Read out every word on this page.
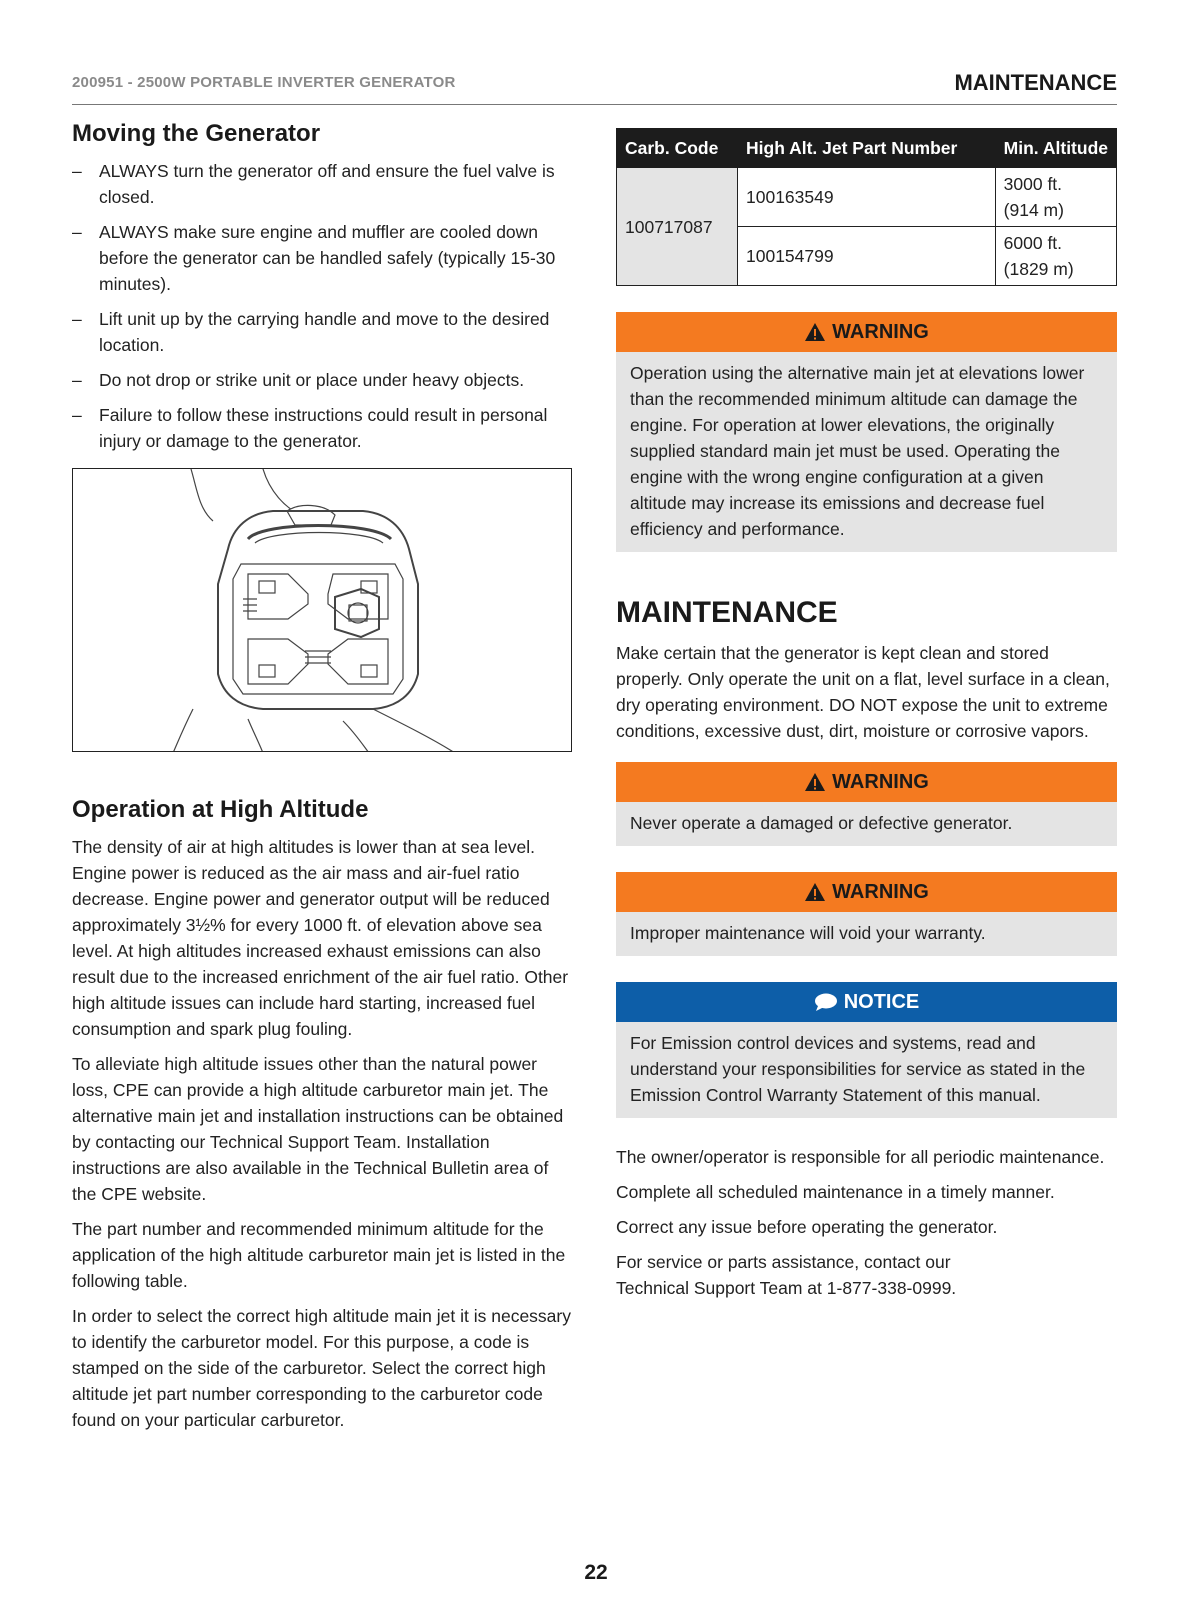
200951 - 2500W PORTABLE INVERTER GENERATOR	MAINTENANCE
Moving the Generator
– ALWAYS turn the generator off and ensure the fuel valve is closed.
– ALWAYS make sure engine and muffler are cooled down before the generator can be handled safely (typically 15-30 minutes).
– Lift unit up by the carrying handle and move to the desired location.
– Do not drop or strike unit or place under heavy objects.
– Failure to follow these instructions could result in personal injury or damage to the generator.
Operation at High Altitude

The density of air at high altitudes is lower than at sea level. Engine power is reduced as the air mass and air-fuel ratio decrease. Engine power and generator output will be reduced approximately 3½% for every 1000 ft. of elevation above sea level. At high altitudes increased exhaust emissions can also result due to the increased enrichment of the air fuel ratio. Other high altitude issues can include hard starting, increased fuel consumption and spark plug fouling.

To alleviate high altitude issues other than the natural power loss, CPE can provide a high altitude carburetor main jet. The alternative main jet and installation instructions can be obtained by contacting our Technical Support Team. Installation instructions are also available in the Technical Bulletin area of the CPE website.

The part number and recommended minimum altitude for the application of the high altitude carburetor main jet is listed in the following table.

In order to select the correct high altitude main jet it is necessary to identify the carburetor model. For this purpose, a code is stamped on the side of the carburetor. Select the correct high altitude jet part number corresponding to the carburetor code found on your particular carburetor.

Carb. Code	High Alt. Jet Part Number	Min. Altitude
100717087	100163549	3000 ft.
(914 m)
	100154799	6000 ft.
(1829 m)
WARNING
Operation using the alternative main jet at elevations lower than the recommended minimum altitude can damage the engine. For operation at lower elevations, the originally supplied standard main jet must be used. Operating the engine with the wrong engine configuration at a given altitude may increase its emissions and decrease fuel efficiency and performance.
MAINTENANCE

Make certain that the generator is kept clean and stored properly. Only operate the unit on a flat, level surface in a clean, dry operating environment. DO NOT expose the unit to extreme conditions, excessive dust, dirt, moisture or corrosive vapors.

WARNING
Never operate a damaged or defective generator.
WARNING
Improper maintenance will void your warranty.
NOTICE
For Emission control devices and systems, read and understand your responsibilities for service as stated in the Emission Control Warranty Statement of this manual.

The owner/operator is responsible for all periodic maintenance.

Complete all scheduled maintenance in a timely manner.

Correct any issue before operating the generator.

For service or parts assistance, contact our
Technical Support Team at 1-877-338-0999.

22
